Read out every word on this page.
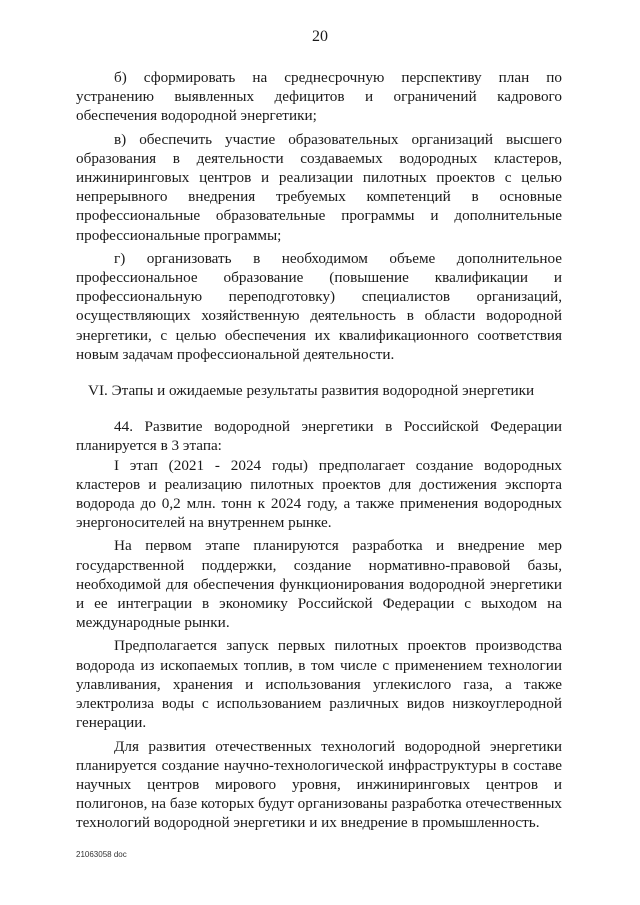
20

б) сформировать на среднесрочную перспективу план по устранению выявленных дефицитов и ограничений кадрового обеспечения водородной энергетики;

в) обеспечить участие образовательных организаций высшего образования в деятельности создаваемых водородных кластеров, инжиниринговых центров и реализации пилотных проектов с целью непрерывного внедрения требуемых компетенций в основные профессиональные образовательные программы и дополнительные профессиональные программы;

г) организовать в необходимом объеме дополнительное профессиональное образование (повышение квалификации и профессиональную переподготовку) специалистов организаций, осуществляющих хозяйственную деятельность в области водородной энергетики, с целью обеспечения их квалификационного соответствия новым задачам профессиональной деятельности.

VI. Этапы и ожидаемые результаты развития водородной энергетики

44. Развитие водородной энергетики в Российской Федерации планируется в 3 этапа:

I этап (2021 - 2024 годы) предполагает создание водородных кластеров и реализацию пилотных проектов для достижения экспорта водорода до 0,2 млн. тонн к 2024 году, а также применения водородных энергоносителей на внутреннем рынке.

На первом этапе планируются разработка и внедрение мер государственной поддержки, создание нормативно-правовой базы, необходимой для обеспечения функционирования водородной энергетики и ее интеграции в экономику Российской Федерации с выходом на международные рынки.

Предполагается запуск первых пилотных проектов производства водорода из ископаемых топлив, в том числе с применением технологии улавливания, хранения и использования углекислого газа, а также электролиза воды с использованием различных видов низкоуглеродной генерации.

Для развития отечественных технологий водородной энергетики планируется создание научно-технологической инфраструктуры в составе научных центров мирового уровня, инжиниринговых центров и полигонов, на базе которых будут организованы разработка отечественных технологий водородной энергетики и их внедрение в промышленность.

21063058 doc
